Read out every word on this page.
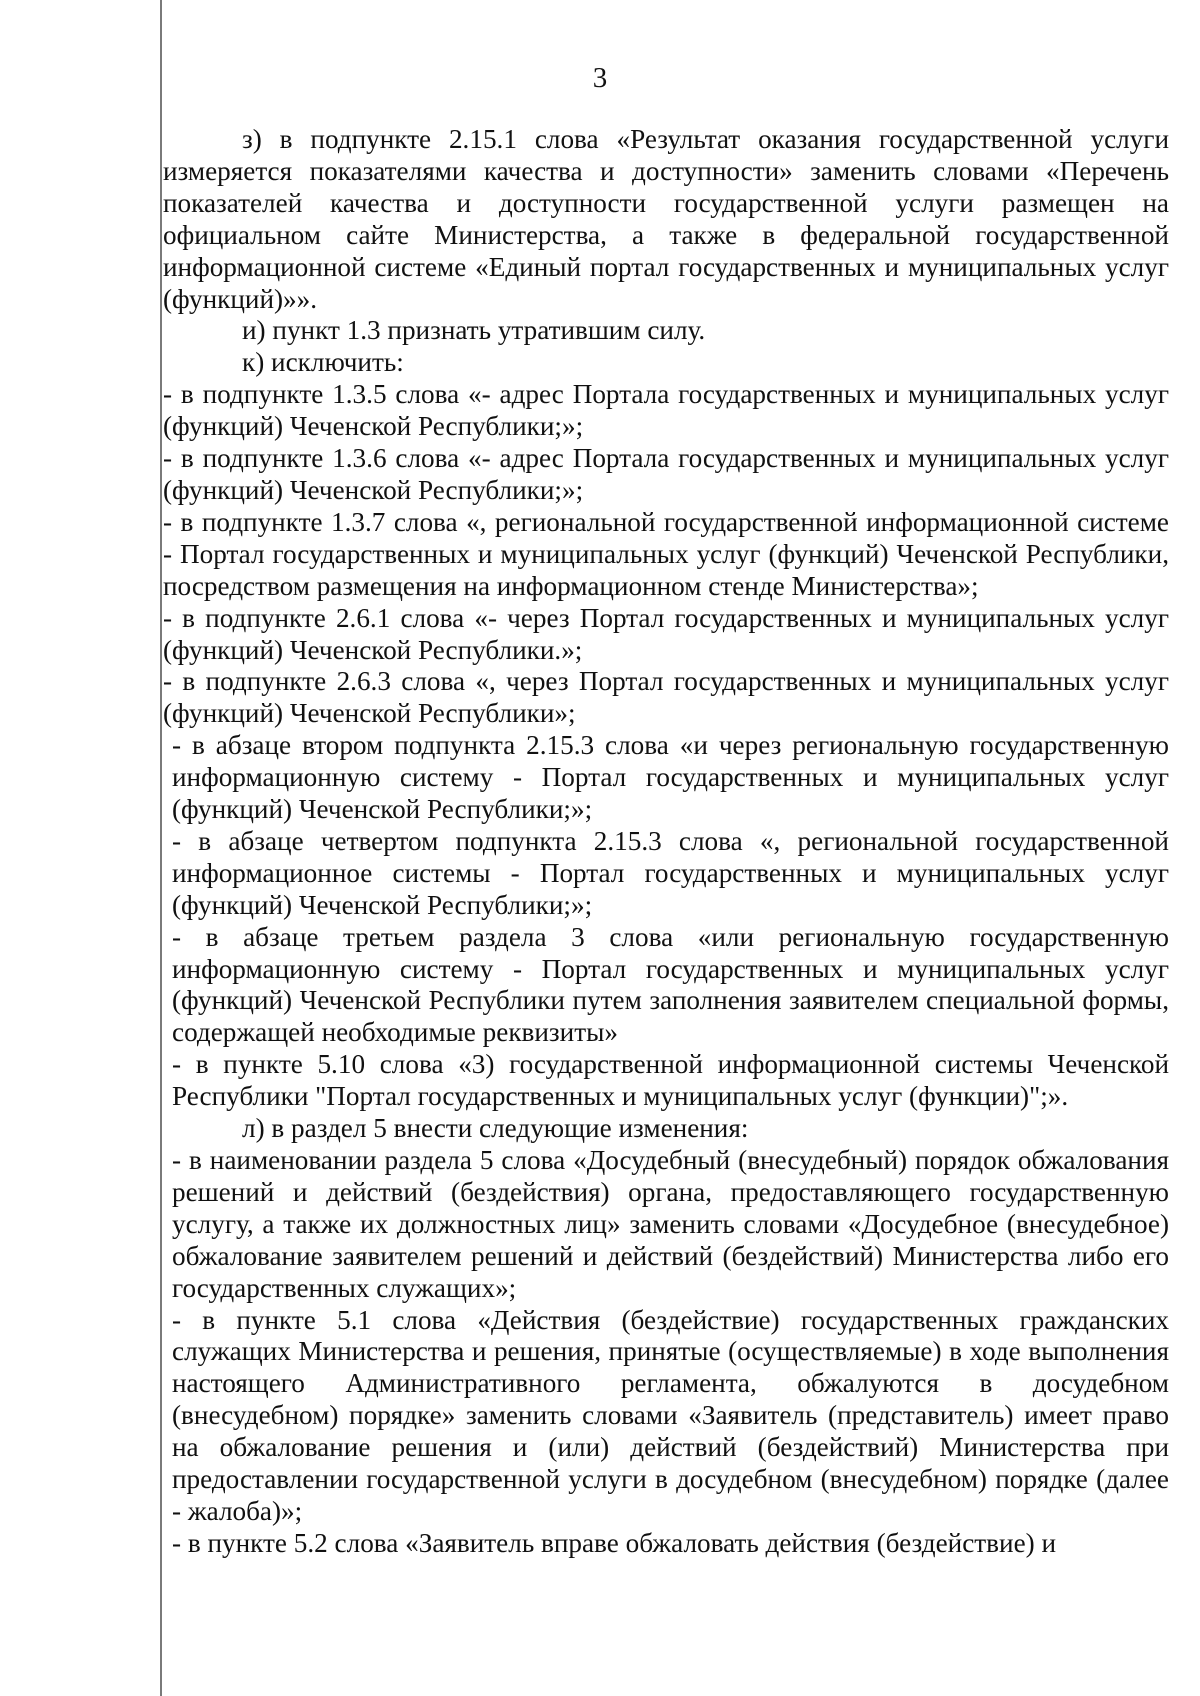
3

з) в подпункте 2.15.1 слова «Результат оказания государственной услуги измеряется показателями качества и доступности» заменить словами «Перечень показателей качества и доступности государственной услуги размещен на официальном сайте Министерства, а также в федеральной государственной информационной системе «Единый портал государственных и муниципальных услуг (функций)»».

и) пункт 1.3 признать утратившим силу.

к) исключить:

- в подпункте 1.3.5 слова «- адрес Портала государственных и муниципальных услуг (функций) Чеченской Республики;»;

- в подпункте 1.3.6 слова «- адрес Портала государственных и муниципальных услуг (функций) Чеченской Республики;»;

- в подпункте 1.3.7 слова «, региональной государственной информационной системе - Портал государственных и муниципальных услуг (функций) Чеченской Республики, посредством размещения на информационном стенде Министерства»;

- в подпункте 2.6.1 слова «- через Портал государственных и муниципальных услуг (функций) Чеченской Республики.»;

- в подпункте 2.6.3 слова «, через Портал государственных и муниципальных услуг (функций) Чеченской Республики»;

- в абзаце втором подпункта 2.15.3 слова «и через региональную государственную информационную систему - Портал государственных и муниципальных услуг (функций) Чеченской Республики;»;

- в абзаце четвертом подпункта 2.15.3 слова «, региональной государственной информационное системы - Портал государственных и муниципальных услуг (функций) Чеченской Республики;»;

- в абзаце третьем раздела 3 слова «или региональную государственную информационную систему - Портал государственных и муниципальных услуг (функций) Чеченской Республики путем заполнения заявителем специальной формы, содержащей необходимые реквизиты»

- в пункте 5.10 слова «3) государственной информационной системы Чеченской Республики "Портал государственных и муниципальных услуг (функции)";».

л) в раздел 5 внести следующие изменения:

- в наименовании раздела 5 слова «Досудебный (внесудебный) порядок обжалования решений и действий (бездействия) органа, предоставляющего государственную услугу, а также их должностных лиц» заменить словами «Досудебное (внесудебное) обжалование заявителем решений и действий (бездействий) Министерства либо его государственных служащих»;

- в пункте 5.1 слова «Действия (бездействие) государственных гражданских служащих Министерства и решения, принятые (осуществляемые) в ходе выполнения настоящего Административного регламента, обжалуются в досудебном (внесудебном) порядке» заменить словами «Заявитель (представитель) имеет право на обжалование решения и (или) действий (бездействий) Министерства при предоставлении государственной услуги в досудебном (внесудебном) порядке (далее - жалоба)»;

- в пункте 5.2 слова «Заявитель вправе обжаловать действия (бездействие) и
